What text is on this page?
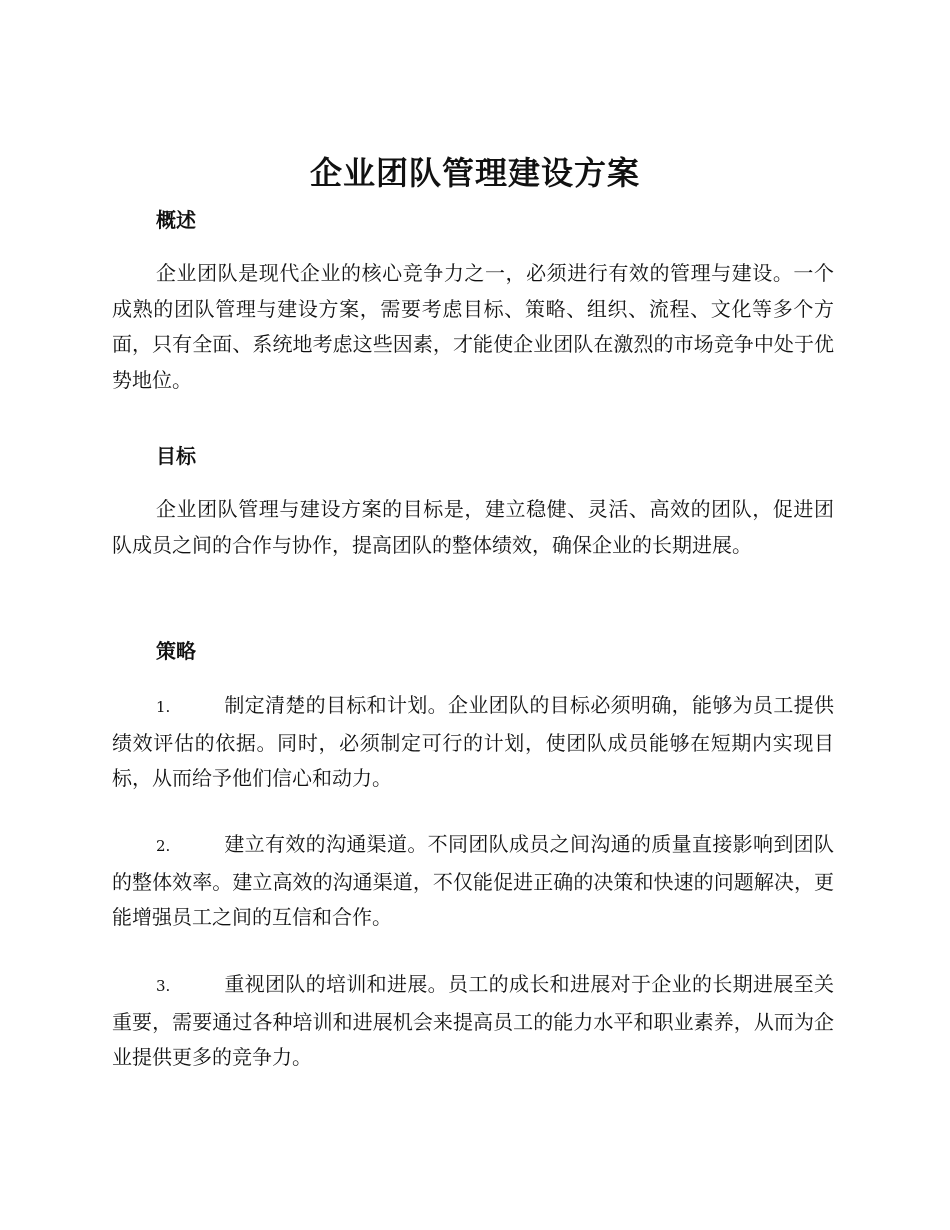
企业团队管理建设方案
概述

企业团队是现代企业的核心竞争力之一，必须进行有效的管理与建设。一个成熟的团队管理与建设方案，需要考虑目标、策略、组织、流程、文化等多个方面，只有全面、系统地考虑这些因素，才能使企业团队在激烈的市场竞争中处于优势地位。

目标

企业团队管理与建设方案的目标是，建立稳健、灵活、高效的团队，促进团队成员之间的合作与协作，提高团队的整体绩效，确保企业的长期进展。

策略

1.	制定清楚的目标和计划。企业团队的目标必须明确，能够为员工提供绩效评估的依据。同时，必须制定可行的计划，使团队成员能够在短期内实现目标，从而给予他们信心和动力。

2.	建立有效的沟通渠道。不同团队成员之间沟通的质量直接影响到团队的整体效率。建立高效的沟通渠道，不仅能促进正确的决策和快速的问题解决，更能增强员工之间的互信和合作。

3.	重视团队的培训和进展。员工的成长和进展对于企业的长期进展至关重要，需要通过各种培训和进展机会来提高员工的能力水平和职业素养，从而为企业提供更多的竞争力。
